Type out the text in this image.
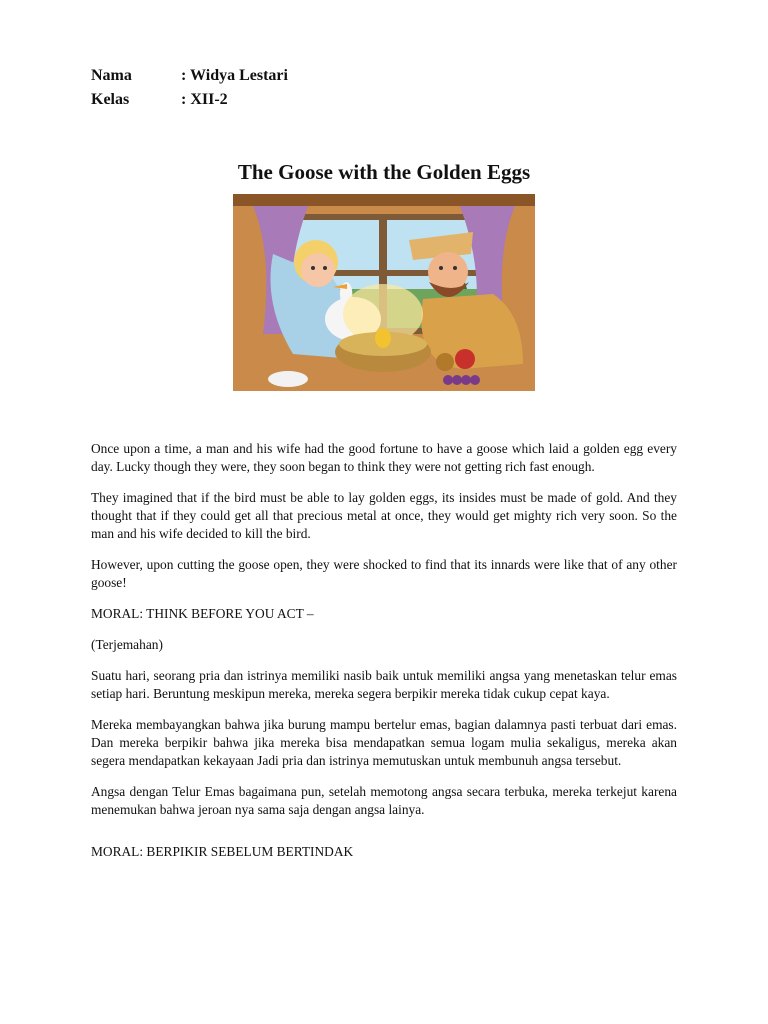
Nama	: Widya Lestari
Kelas	: XII-2
The Goose with the Golden Eggs

Once upon a time, a man and his wife had the good fortune to have a goose which laid a golden egg every day. Lucky though they were, they soon began to think they were not getting rich fast enough.

They imagined that if the bird must be able to lay golden eggs, its insides must be made of gold. And they thought that if they could get all that precious metal at once, they would get mighty rich very soon. So the man and his wife decided to kill the bird.

However, upon cutting the goose open, they were shocked to find that its innards were like that of any other goose!

MORAL: THINK BEFORE YOU ACT –

(Terjemahan)

Suatu hari, seorang pria dan istrinya memiliki nasib baik untuk memiliki angsa yang menetaskan telur emas setiap hari. Beruntung meskipun mereka, mereka segera berpikir mereka tidak cukup cepat kaya.

Mereka membayangkan bahwa jika burung mampu bertelur emas, bagian dalamnya pasti terbuat dari emas. Dan mereka berpikir bahwa jika mereka bisa mendapatkan semua logam mulia sekaligus, mereka akan segera mendapatkan kekayaan Jadi pria dan istrinya memutuskan untuk membunuh angsa tersebut.

Angsa dengan Telur Emas bagaimana pun, setelah memotong angsa secara terbuka, mereka terkejut karena menemukan bahwa jeroan nya sama saja dengan angsa lainya.

MORAL: BERPIKIR SEBELUM BERTINDAK
